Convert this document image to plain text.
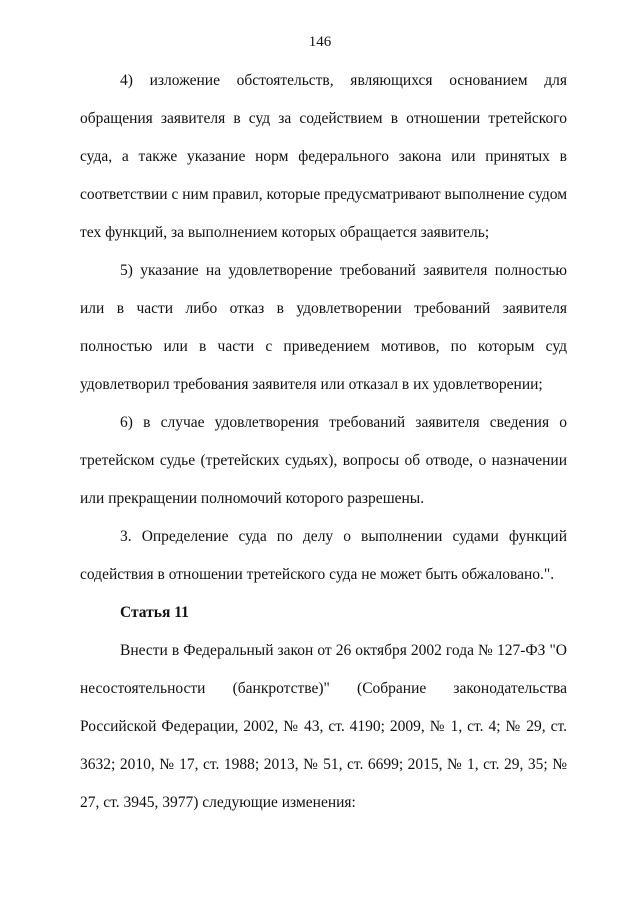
146

4) изложение обстоятельств, являющихся основанием для обращения заявителя в суд за содействием в отношении третейского суда, а также указание норм федерального закона или принятых в соответствии с ним правил, которые предусматривают выполнение судом тех функций, за выполнением которых обращается заявитель;

5) указание на удовлетворение требований заявителя полностью или в части либо отказ в удовлетворении требований заявителя полностью или в части с приведением мотивов, по которым суд удовлетворил требования заявителя или отказал в их удовлетворении;

6) в случае удовлетворения требований заявителя сведения о третейском судье (третейских судьях), вопросы об отводе, о назначении или прекращении полномочий которого разрешены.

3. Определение суда по делу о выполнении судами функций содействия в отношении третейского суда не может быть обжаловано.".

Статья 11

Внести в Федеральный закон от 26 октября 2002 года № 127-ФЗ "О несостоятельности (банкротстве)" (Собрание законодательства Российской Федерации, 2002, № 43, ст. 4190; 2009, № 1, ст. 4; № 29, ст. 3632; 2010, № 17, ст. 1988; 2013, № 51, ст. 6699; 2015, № 1, ст. 29, 35; № 27, ст. 3945, 3977) следующие изменения:
